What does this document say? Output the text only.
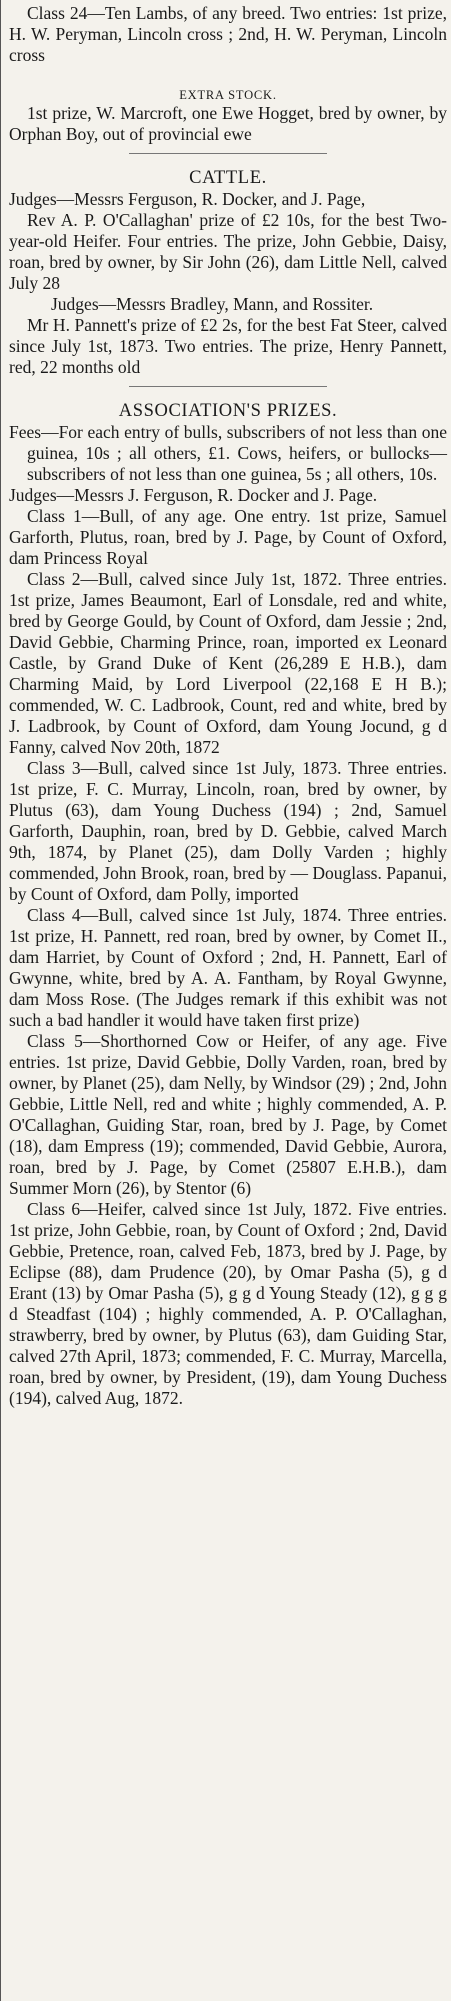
Class 24—Ten Lambs, of any breed. Two entries: 1st prize, H. W. Peryman, Lincoln cross ; 2nd, H. W. Peryman, Lincoln cross

EXTRA STOCK.

1st prize, W. Marcroft, one Ewe Hogget, bred by owner, by Orphan Boy, out of provincial ewe

CATTLE.

Judges—Messrs Ferguson, R. Docker, and J. Page,

Rev A. P. O'Callaghan' prize of £2 10s, for the best Two-year-old Heifer. Four entries. The prize, John Gebbie, Daisy, roan, bred by owner, by Sir John (26), dam Little Nell, calved July 28

Judges—Messrs Bradley, Mann, and Rossiter.

Mr H. Pannett's prize of £2 2s, for the best Fat Steer, calved since July 1st, 1873. Two entries. The prize, Henry Pannett, red, 22 months old

ASSOCIATION'S PRIZES.

Fees—For each entry of bulls, subscribers of not less than one guinea, 10s ; all others, £1. Cows, heifers, or bullocks—subscribers of not less than one guinea, 5s ; all others, 10s.

Judges—Messrs J. Ferguson, R. Docker and J. Page.

Class 1—Bull, of any age. One entry. 1st prize, Samuel Garforth, Plutus, roan, bred by J. Page, by Count of Oxford, dam Princess Royal

Class 2—Bull, calved since July 1st, 1872. Three entries. 1st prize, James Beaumont, Earl of Lonsdale, red and white, bred by George Gould, by Count of Oxford, dam Jessie ; 2nd, David Gebbie, Charming Prince, roan, imported ex Leonard Castle, by Grand Duke of Kent (26,289 E H.B.), dam Charming Maid, by Lord Liverpool (22,168 E H B.); commended, W. C. Ladbrook, Count, red and white, bred by J. Ladbrook, by Count of Oxford, dam Young Jocund, g d Fanny, calved Nov 20th, 1872

Class 3—Bull, calved since 1st July, 1873. Three entries. 1st prize, F. C. Murray, Lincoln, roan, bred by owner, by Plutus (63), dam Young Duchess (194) ; 2nd, Samuel Garforth, Dauphin, roan, bred by D. Gebbie, calved March 9th, 1874, by Planet (25), dam Dolly Varden ; highly commended, John Brook, roan, bred by — Douglass. Papanui, by Count of Oxford, dam Polly, imported

Class 4—Bull, calved since 1st July, 1874. Three entries. 1st prize, H. Pannett, red roan, bred by owner, by Comet II., dam Harriet, by Count of Oxford ; 2nd, H. Pannett, Earl of Gwynne, white, bred by A. A. Fantham, by Royal Gwynne, dam Moss Rose. (The Judges remark if this exhibit was not such a bad handler it would have taken first prize)

Class 5—Shorthorned Cow or Heifer, of any age. Five entries. 1st prize, David Gebbie, Dolly Varden, roan, bred by owner, by Planet (25), dam Nelly, by Windsor (29) ; 2nd, John Gebbie, Little Nell, red and white ; highly commended, A. P. O'Callaghan, Guiding Star, roan, bred by J. Page, by Comet (18), dam Empress (19); commended, David Gebbie, Aurora, roan, bred by J. Page, by Comet (25807 E.H.B.), dam Summer Morn (26), by Stentor (6)

Class 6—Heifer, calved since 1st July, 1872. Five entries. 1st prize, John Gebbie, roan, by Count of Oxford ; 2nd, David Gebbie, Pretence, roan, calved Feb, 1873, bred by J. Page, by Eclipse (88), dam Prudence (20), by Omar Pasha (5), g d Erant (13) by Omar Pasha (5), g g d Young Steady (12), g g g d Steadfast (104) ; highly commended, A. P. O'Callaghan, strawberry, bred by owner, by Plutus (63), dam Guiding Star, calved 27th April, 1873; commended, F. C. Murray, Marcella, roan, bred by owner, by President, (19), dam Young Duchess (194), calved Aug, 1872.
